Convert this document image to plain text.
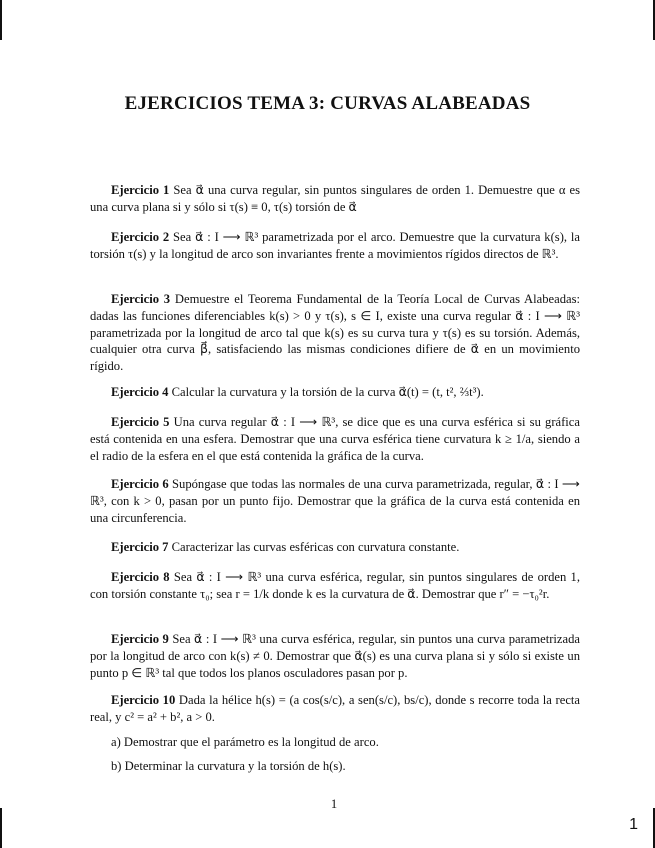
EJERCICIOS TEMA 3: CURVAS ALABEADAS

Ejercicio 1 Sea α⃗ una curva regular, sin puntos singulares de orden 1. Demuestre que α es una curva plana si y sólo si τ(s) ≡ 0, τ(s) torsión de α⃗

Ejercicio 2 Sea α⃗ : I ⟶ ℝ³ parametrizada por el arco. Demuestre que la curvatura k(s), la torsión τ(s) y la longitud de arco son invariantes frente a movimientos rígidos directos de ℝ³.

Ejercicio 3 Demuestre el Teorema Fundamental de la Teoría Local de Curvas Alabeadas: dadas las funciones diferenciables k(s) > 0 y τ(s), s ∈ I, existe una curva regular α⃗ : I ⟶ ℝ³ parametrizada por la longitud de arco tal que k(s) es su curva tura y τ(s) es su torsión. Además, cualquier otra curva β⃗, satisfaciendo las mismas condiciones difiere de α⃗ en un movimiento rígido.

Ejercicio 4 Calcular la curvatura y la torsión de la curva α⃗(t) = (t, t², ⅔t³).

Ejercicio 5 Una curva regular α⃗ : I ⟶ ℝ³, se dice que es una curva esférica si su gráfica está contenida en una esfera. Demostrar que una curva esférica tiene curvatura k ≥ 1/a, siendo a el radio de la esfera en el que está contenida la gráfica de la curva.

Ejercicio 6 Supóngase que todas las normales de una curva parametrizada, regular, α⃗ : I ⟶ ℝ³, con k > 0, pasan por un punto fijo. Demostrar que la gráfica de la curva está contenida en una circunferencia.

Ejercicio 7 Caracterizar las curvas esféricas con curvatura constante.

Ejercicio 8 Sea α⃗ : I ⟶ ℝ³ una curva esférica, regular, sin puntos singulares de orden 1, con torsión constante τ₀; sea r = 1/k donde k es la curvatura de α⃗. Demostrar que r″ = −τ₀²r.

Ejercicio 9 Sea α⃗ : I ⟶ ℝ³ una curva esférica, regular, sin puntos una curva parametrizada por la longitud de arco con k(s) ≠ 0. Demostrar que α⃗(s) es una curva plana si y sólo si existe un punto p ∈ ℝ³ tal que todos los planos osculadores pasan por p.

Ejercicio 10 Dada la hélice h(s) = (a cos(s/c), a sen(s/c), bs/c), donde s recorre toda la recta real, y c² = a² + b², a > 0.

a) Demostrar que el parámetro es la longitud de arco.

b) Determinar la curvatura y la torsión de h(s).

1
1
